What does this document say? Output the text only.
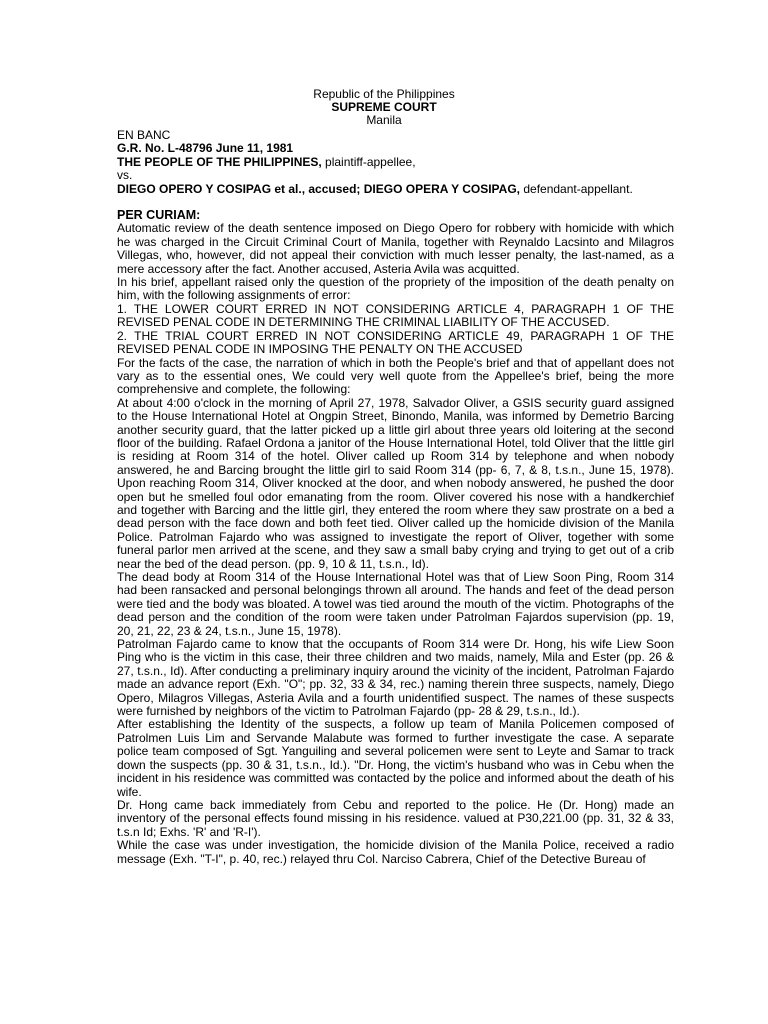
Republic of the Philippines
SUPREME COURT
Manila
EN BANC
G.R. No. L-48796 June 11, 1981
THE PEOPLE OF THE PHILIPPINES, plaintiff-appellee,
vs.
DIEGO OPERO Y COSIPAG et al., accused; DIEGO OPERA Y COSIPAG, defendant-appellant.
PER CURIAM:

Automatic review of the death sentence imposed on Diego Opero for robbery with homicide with which he was charged in the Circuit Criminal Court of Manila, together with Reynaldo Lacsinto and Milagros Villegas, who, however, did not appeal their conviction with much lesser penalty, the last-named, as a mere accessory after the fact. Another accused, Asteria Avila was acquitted.

In his brief, appellant raised only the question of the propriety of the imposition of the death penalty on him, with the following assignments of error:

1. THE LOWER COURT ERRED IN NOT CONSIDERING ARTICLE 4, PARAGRAPH 1 OF THE REVISED PENAL CODE IN DETERMINING THE CRIMINAL LIABILITY OF THE ACCUSED.

2. THE TRIAL COURT ERRED IN NOT CONSIDERING ARTICLE 49, PARAGRAPH 1 OF THE REVISED PENAL CODE IN IMPOSING THE PENALTY ON THE ACCUSED

For the facts of the case, the narration of which in both the People's brief and that of appellant does not vary as to the essential ones, We could very well quote from the Appellee's brief, being the more comprehensive and complete, the following:

At about 4:00 o'clock in the morning of April 27, 1978, Salvador Oliver, a GSIS security guard assigned to the House International Hotel at Ongpin Street, Binondo, Manila, was informed by Demetrio Barcing another security guard, that the latter picked up a little girl about three years old loitering at the second floor of the building. Rafael Ordona a janitor of the House International Hotel, told Oliver that the little girl is residing at Room 314 of the hotel. Oliver called up Room 314 by telephone and when nobody answered, he and Barcing brought the little girl to said Room 314 (pp- 6, 7, & 8, t.s.n., June 15, 1978). Upon reaching Room 314, Oliver knocked at the door, and when nobody answered, he pushed the door open but he smelled foul odor emanating from the room. Oliver covered his nose with a handkerchief and together with Barcing and the little girl, they entered the room where they saw prostrate on a bed a dead person with the face down and both feet tied. Oliver called up the homicide division of the Manila Police. Patrolman Fajardo who was assigned to investigate the report of Oliver, together with some funeral parlor men arrived at the scene, and they saw a small baby crying and trying to get out of a crib near the bed of the dead person. (pp. 9, 10 & 11, t.s.n., Id).

The dead body at Room 314 of the House International Hotel was that of Liew Soon Ping, Room 314 had been ransacked and personal belongings thrown all around. The hands and feet of the dead person were tied and the body was bloated. A towel was tied around the mouth of the victim. Photographs of the dead person and the condition of the room were taken under Patrolman Fajardos supervision (pp. 19, 20, 21, 22, 23 & 24, t.s.n., June 15, 1978).

Patrolman Fajardo came to know that the occupants of Room 314 were Dr. Hong, his wife Liew Soon Ping who is the victim in this case, their three children and two maids, namely, Mila and Ester (pp. 26 & 27, t.s.n., Id). After conducting a preliminary inquiry around the vicinity of the incident, Patrolman Fajardo made an advance report (Exh. "O"; pp. 32, 33 & 34, rec.) naming therein three suspects, namely, Diego Opero, Milagros Villegas, Asteria Avila and a fourth unidentified suspect. The names of these suspects were furnished by neighbors of the victim to Patrolman Fajardo (pp- 28 & 29, t.s.n., Id.).

After establishing the Identity of the suspects, a follow up team of Manila Policemen composed of Patrolmen Luis Lim and Servande Malabute was formed to further investigate the case. A separate police team composed of Sgt. Yanguiling and several policemen were sent to Leyte and Samar to track down the suspects (pp. 30 & 31, t.s.n., Id.). "Dr. Hong, the victim's husband who was in Cebu when the incident in his residence was committed was contacted by the police and informed about the death of his wife.

Dr. Hong came back immediately from Cebu and reported to the police. He (Dr. Hong) made an inventory of the personal effects found missing in his residence. valued at P30,221.00 (pp. 31, 32 & 33, t.s.n Id; Exhs. 'R' and 'R-I').

While the case was under investigation, the homicide division of the Manila Police, received a radio message (Exh. "T-I", p. 40, rec.) relayed thru Col. Narciso Cabrera, Chief of the Detective Bureau of
